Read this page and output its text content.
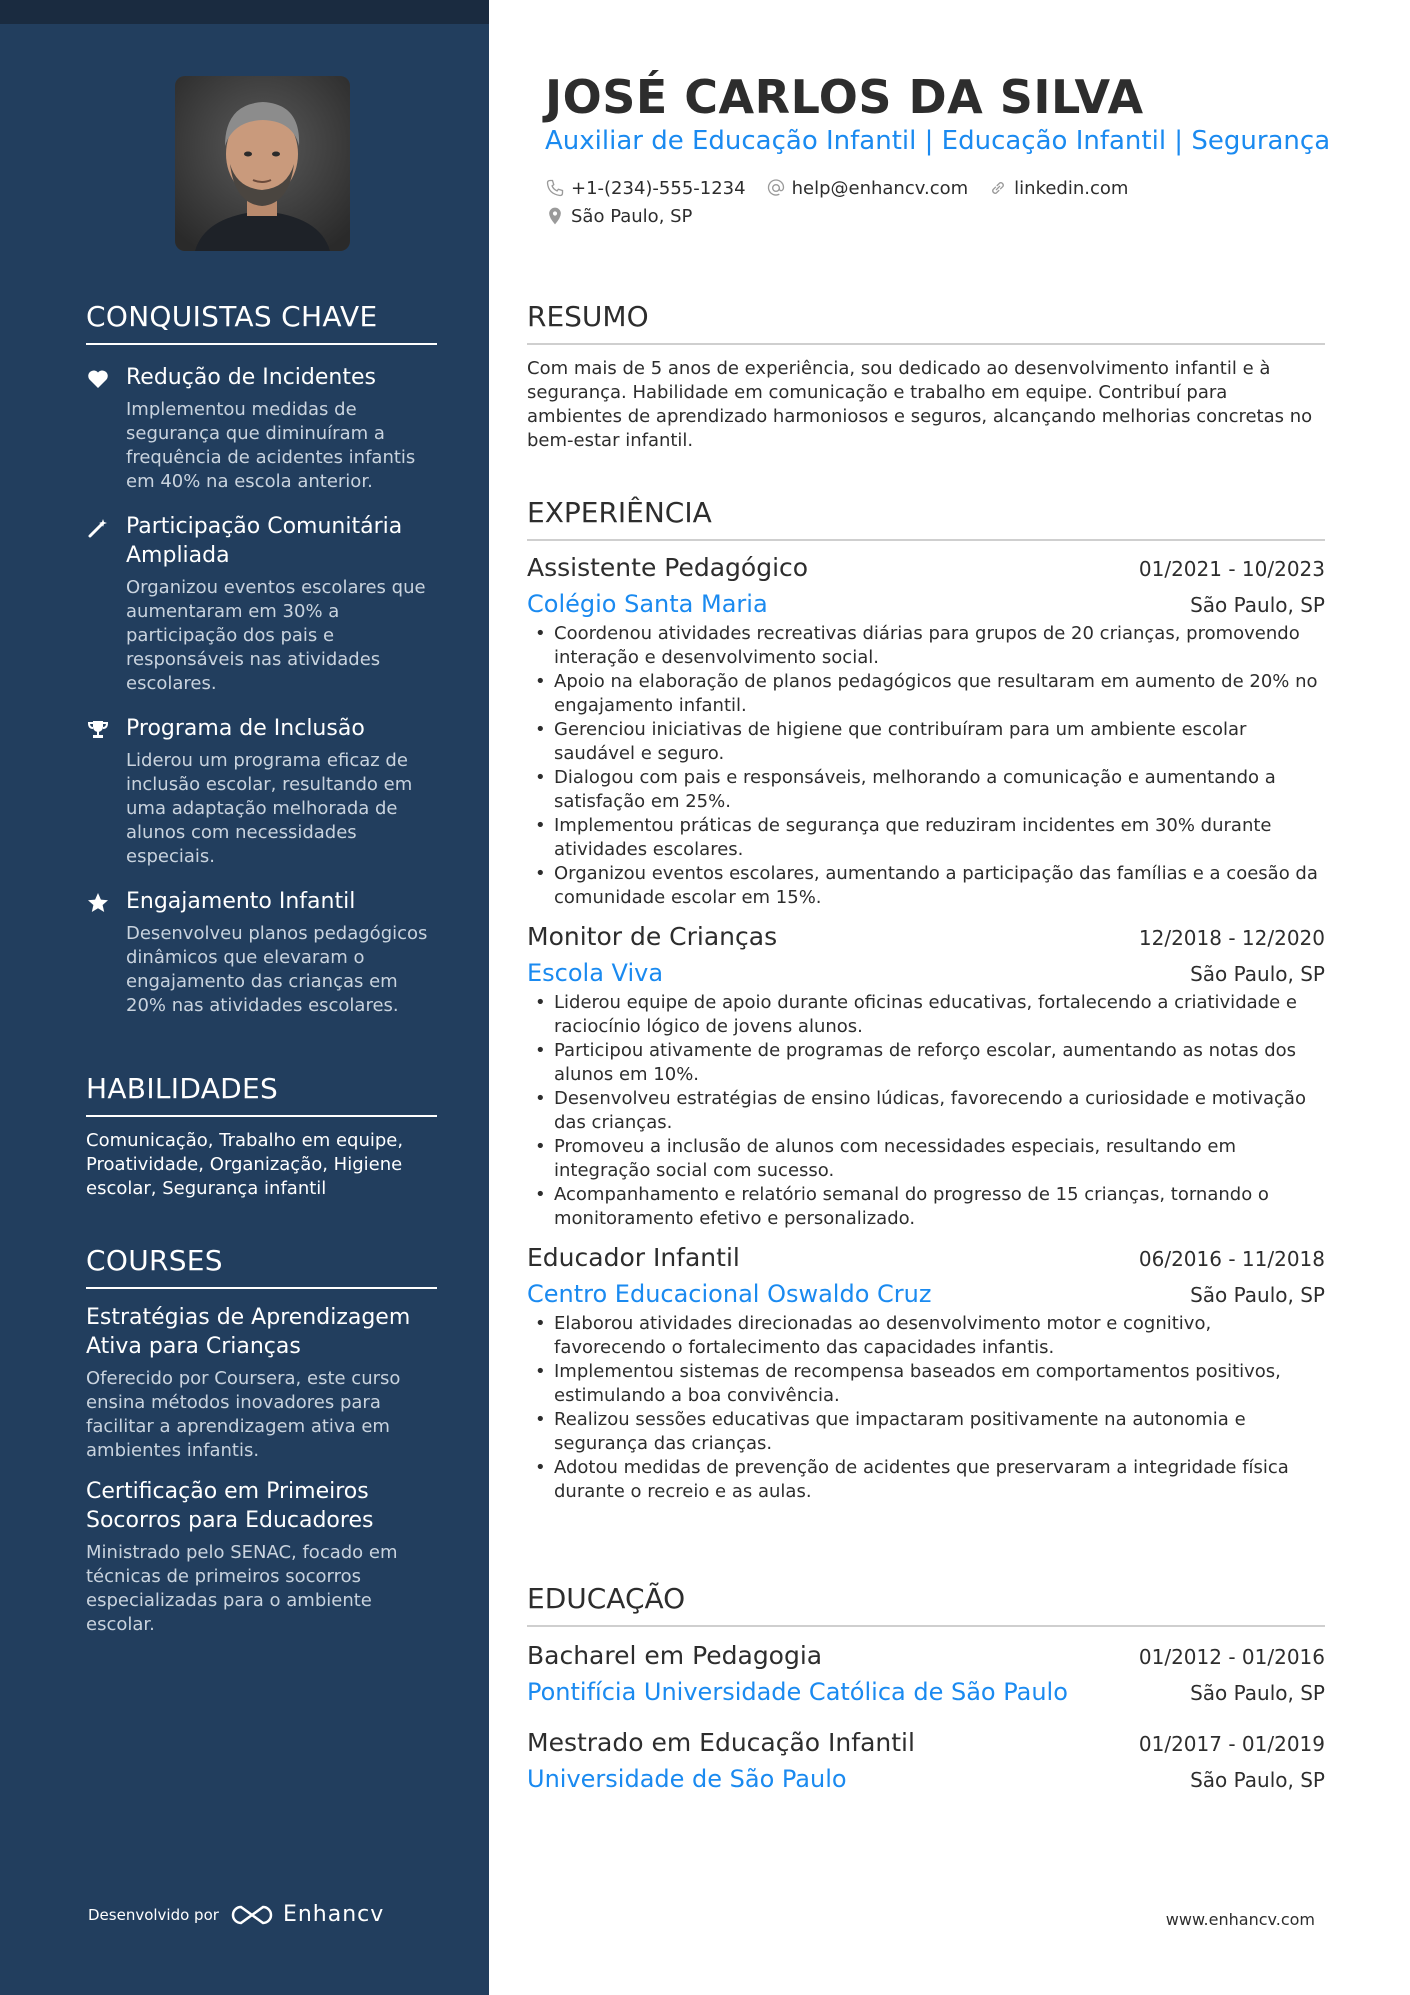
CONQUISTAS CHAVE
Redução de Incidentes
Implementou medidas de segurança que diminuíram a frequência de acidentes infantis em 40% na escola anterior.
Participação Comunitária Ampliada
Organizou eventos escolares que aumentaram em 30% a participação dos pais e responsáveis nas atividades escolares.
Programa de Inclusão
Liderou um programa eficaz de inclusão escolar, resultando em uma adaptação melhorada de alunos com necessidades especiais.
Engajamento Infantil
Desenvolveu planos pedagógicos dinâmicos que elevaram o engajamento das crianças em 20% nas atividades escolares.
HABILIDADES
Comunicação, Trabalho em equipe, Proatividade, Organização, Higiene escolar, Segurança infantil
COURSES
Estratégias de Aprendizagem Ativa para Crianças
Oferecido por Coursera, este curso ensina métodos inovadores para facilitar a aprendizagem ativa em ambientes infantis.
Certificação em Primeiros Socorros para Educadores
Ministrado pelo SENAC, focado em técnicas de primeiros socorros especializadas para o ambiente escolar.
Desenvolvido por	Enhancv
JOSÉ CARLOS DA SILVA
Auxiliar de Educação Infantil | Educação Infantil | Segurança
+1-(234)-555-1234	help@enhancv.com	linkedin.com
São Paulo, SP
RESUMO
Com mais de 5 anos de experiência, sou dedicado ao desenvolvimento infantil e à segurança. Habilidade em comunicação e trabalho em equipe. Contribuí para ambientes de aprendizado harmoniosos e seguros, alcançando melhorias concretas no bem-estar infantil.
EXPERIÊNCIA
Assistente Pedagógico	01/2021 - 10/2023
Colégio Santa Maria	São Paulo, SP
• Coordenou atividades recreativas diárias para grupos de 20 crianças, promovendo interação e desenvolvimento social.
• Apoio na elaboração de planos pedagógicos que resultaram em aumento de 20% no engajamento infantil.
• Gerenciou iniciativas de higiene que contribuíram para um ambiente escolar saudável e seguro.
• Dialogou com pais e responsáveis, melhorando a comunicação e aumentando a satisfação em 25%.
• Implementou práticas de segurança que reduziram incidentes em 30% durante atividades escolares.
• Organizou eventos escolares, aumentando a participação das famílias e a coesão da comunidade escolar em 15%.
Monitor de Crianças	12/2018 - 12/2020
Escola Viva	São Paulo, SP
• Liderou equipe de apoio durante oficinas educativas, fortalecendo a criatividade e raciocínio lógico de jovens alunos.
• Participou ativamente de programas de reforço escolar, aumentando as notas dos alunos em 10%.
• Desenvolveu estratégias de ensino lúdicas, favorecendo a curiosidade e motivação das crianças.
• Promoveu a inclusão de alunos com necessidades especiais, resultando em integração social com sucesso.
• Acompanhamento e relatório semanal do progresso de 15 crianças, tornando o monitoramento efetivo e personalizado.
Educador Infantil	06/2016 - 11/2018
Centro Educacional Oswaldo Cruz	São Paulo, SP
• Elaborou atividades direcionadas ao desenvolvimento motor e cognitivo, favorecendo o fortalecimento das capacidades infantis.
• Implementou sistemas de recompensa baseados em comportamentos positivos, estimulando a boa convivência.
• Realizou sessões educativas que impactaram positivamente na autonomia e segurança das crianças.
• Adotou medidas de prevenção de acidentes que preservaram a integridade física durante o recreio e as aulas.
EDUCAÇÃO
Bacharel em Pedagogia	01/2012 - 01/2016
Pontifícia Universidade Católica de São Paulo	São Paulo, SP
Mestrado em Educação Infantil	01/2017 - 01/2019
Universidade de São Paulo	São Paulo, SP
www.enhancv.com
